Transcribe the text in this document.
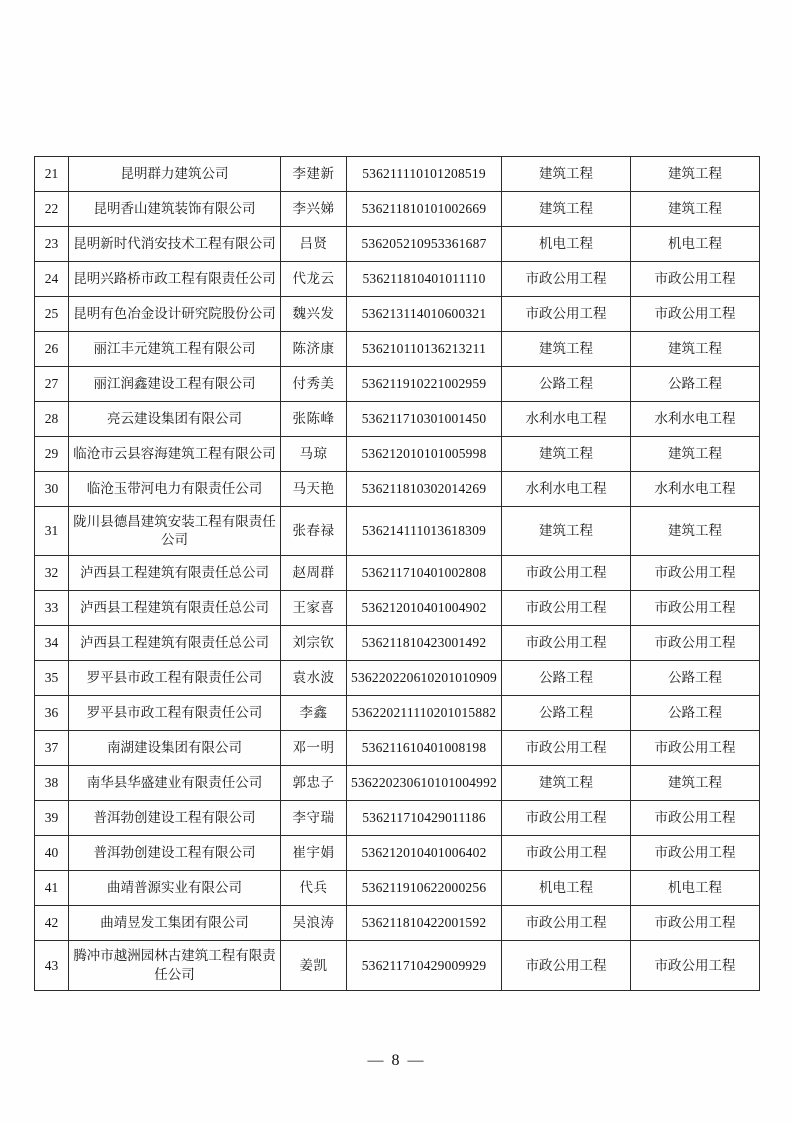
21	昆明群力建筑公司	李建新	536211110101208519	建筑工程	建筑工程
22	昆明香山建筑装饰有限公司	李兴娣	536211810101002669	建筑工程	建筑工程
23	昆明新时代消安技术工程有限公司	吕贤	536205210953361687	机电工程	机电工程
24	昆明兴路桥市政工程有限责任公司	代龙云	536211810401011110	市政公用工程	市政公用工程
25	昆明有色冶金设计研究院股份公司	魏兴发	536213114010600321	市政公用工程	市政公用工程
26	丽江丰元建筑工程有限公司	陈济康	536210110136213211	建筑工程	建筑工程
27	丽江润鑫建设工程有限公司	付秀美	536211910221002959	公路工程	公路工程
28	亮云建设集团有限公司	张陈峰	536211710301001450	水利水电工程	水利水电工程
29	临沧市云县容海建筑工程有限公司	马琼	536212010101005998	建筑工程	建筑工程
30	临沧玉带河电力有限责任公司	马天艳	536211810302014269	水利水电工程	水利水电工程
31	陇川县德昌建筑安装工程有限责任公司	张春禄	536214111013618309	建筑工程	建筑工程
32	泸西县工程建筑有限责任总公司	赵周群	536211710401002808	市政公用工程	市政公用工程
33	泸西县工程建筑有限责任总公司	王家喜	536212010401004902	市政公用工程	市政公用工程
34	泸西县工程建筑有限责任总公司	刘宗钦	536211810423001492	市政公用工程	市政公用工程
35	罗平县市政工程有限责任公司	袁水波	536220220610201010909	公路工程	公路工程
36	罗平县市政工程有限责任公司	李鑫	536220211110201015882	公路工程	公路工程
37	南湖建设集团有限公司	邓一明	536211610401008198	市政公用工程	市政公用工程
38	南华县华盛建业有限责任公司	郭忠子	536220230610101004992	建筑工程	建筑工程
39	普洱勃创建设工程有限公司	李守瑞	536211710429011186	市政公用工程	市政公用工程
40	普洱勃创建设工程有限公司	崔宇娟	536212010401006402	市政公用工程	市政公用工程
41	曲靖普源实业有限公司	代兵	536211910622000256	机电工程	机电工程
42	曲靖昱发工集团有限公司	吴浪涛	536211810422001592	市政公用工程	市政公用工程
43	腾冲市越洲园林古建筑工程有限责任公司	姜凯	536211710429009929	市政公用工程	市政公用工程
— 8 —
